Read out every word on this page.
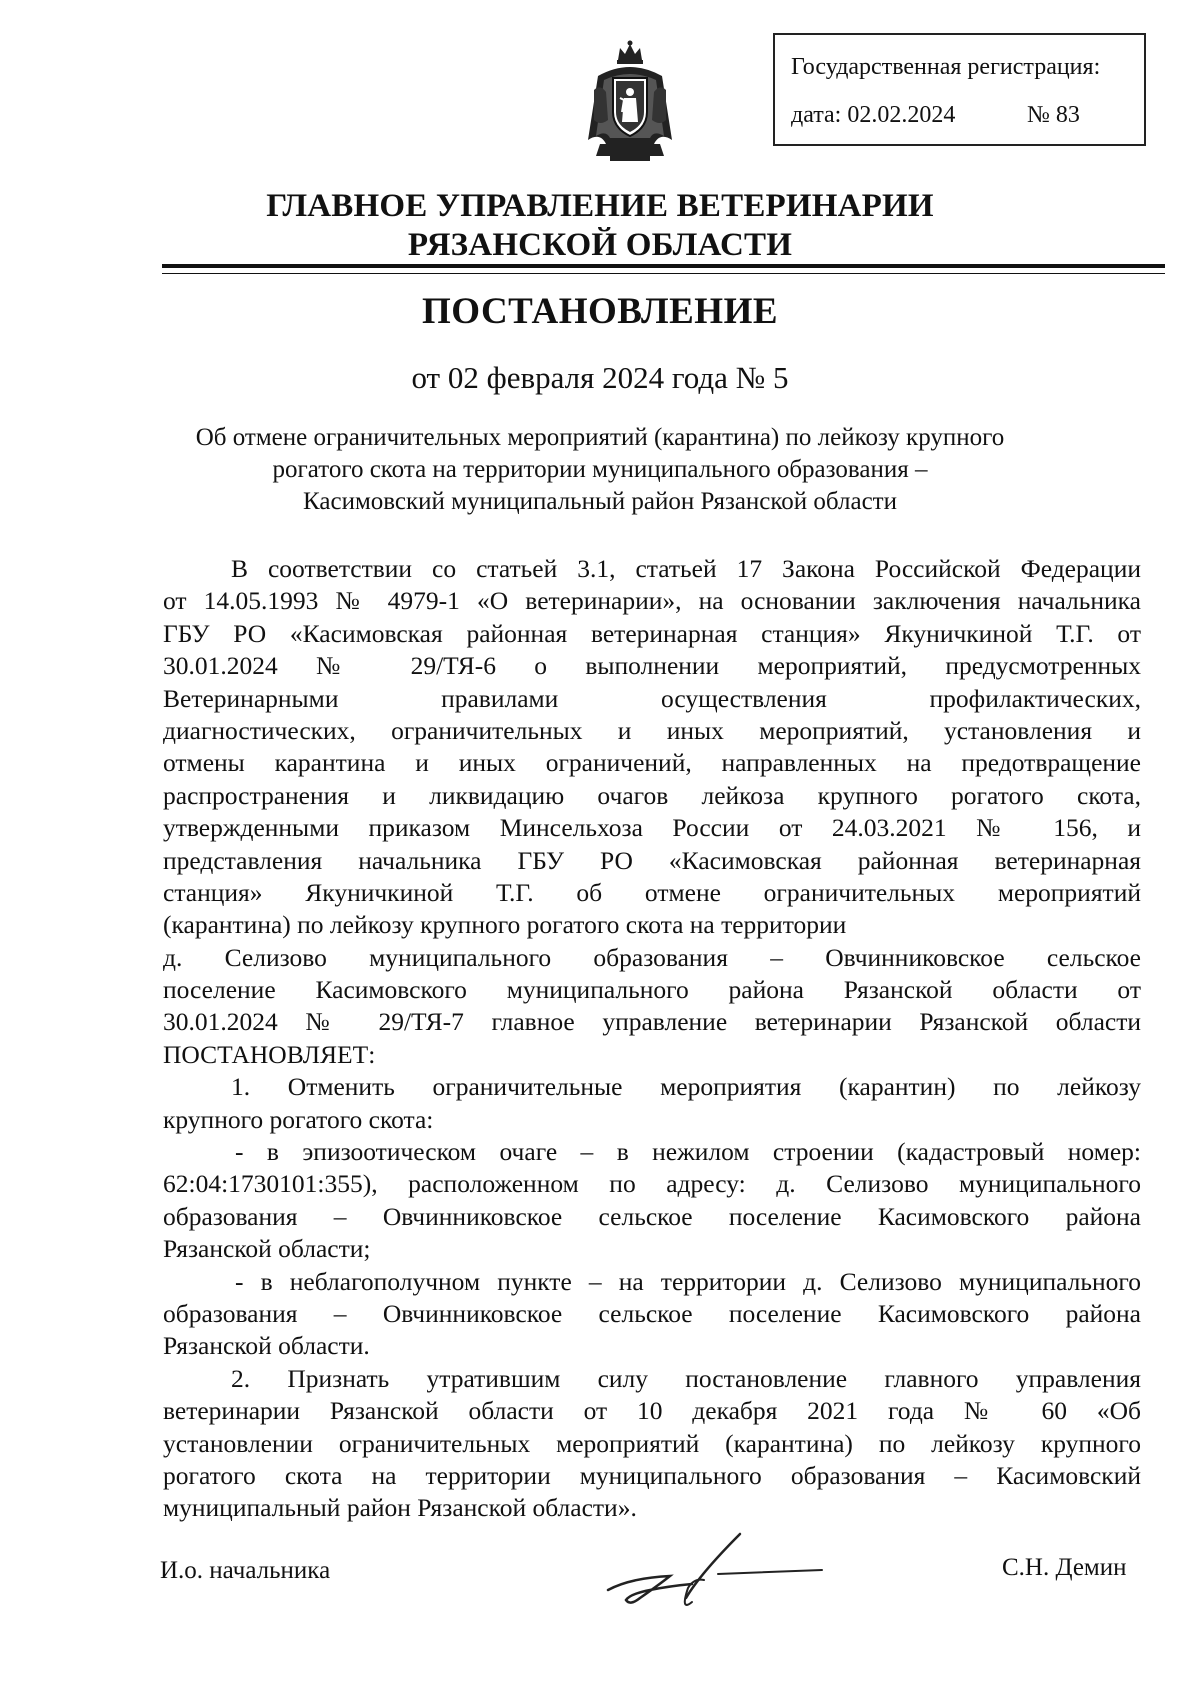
Государственная регистрация:
дата: 02.02.2024	№ 83
ГЛАВНОЕ УПРАВЛЕНИЕ ВЕТЕРИНАРИИ
РЯЗАНСКОЙ ОБЛАСТИ
ПОСТАНОВЛЕНИЕ
от 02 февраля 2024 года № 5
Об отмене ограничительных мероприятий (карантина) по лейкозу крупного
рогатого скота на территории муниципального образования –
Касимовский муниципальный район Рязанской области
В соответствии со статьей 3.1, статьей 17 Закона Российской Федерации
от 14.05.1993 № 4979-1 «О ветеринарии», на основании заключения начальника
ГБУ РО «Касимовская районная ветеринарная станция» Якуничкиной Т.Г. от
30.01.2024 № 29/ТЯ-6 о выполнении мероприятий, предусмотренных
Ветеринарными правилами осуществления профилактических,
диагностических, ограничительных и иных мероприятий, установления и
отмены карантина и иных ограничений, направленных на предотвращение
распространения и ликвидацию очагов лейкоза крупного рогатого скота,
утвержденными приказом Минсельхоза России от 24.03.2021 № 156, и
представления начальника ГБУ РО «Касимовская районная ветеринарная
станция» Якуничкиной Т.Г. об отмене ограничительных мероприятий
(карантина) по лейкозу крупного рогатого скота на территории
д. Селизово муниципального образования – Овчинниковское сельское
поселение Касимовского муниципального района Рязанской области от
30.01.2024 № 29/ТЯ-7 главное управление ветеринарии Рязанской области
ПОСТАНОВЛЯЕТ:
1. Отменить ограничительные мероприятия (карантин) по лейкозу
крупного рогатого скота:
- в эпизоотическом очаге – в нежилом строении (кадастровый номер:
62:04:1730101:355), расположенном по адресу: д. Селизово муниципального
образования – Овчинниковское сельское поселение Касимовского района
Рязанской области;
- в неблагополучном пункте – на территории д. Селизово муниципального
образования – Овчинниковское сельское поселение Касимовского района
Рязанской области.
2. Признать утратившим силу постановление главного управления
ветеринарии Рязанской области от 10 декабря 2021 года № 60 «Об
установлении ограничительных мероприятий (карантина) по лейкозу крупного
рогатого скота на территории муниципального образования – Касимовский
муниципальный район Рязанской области».
И.о. начальника	С.Н. Демин
